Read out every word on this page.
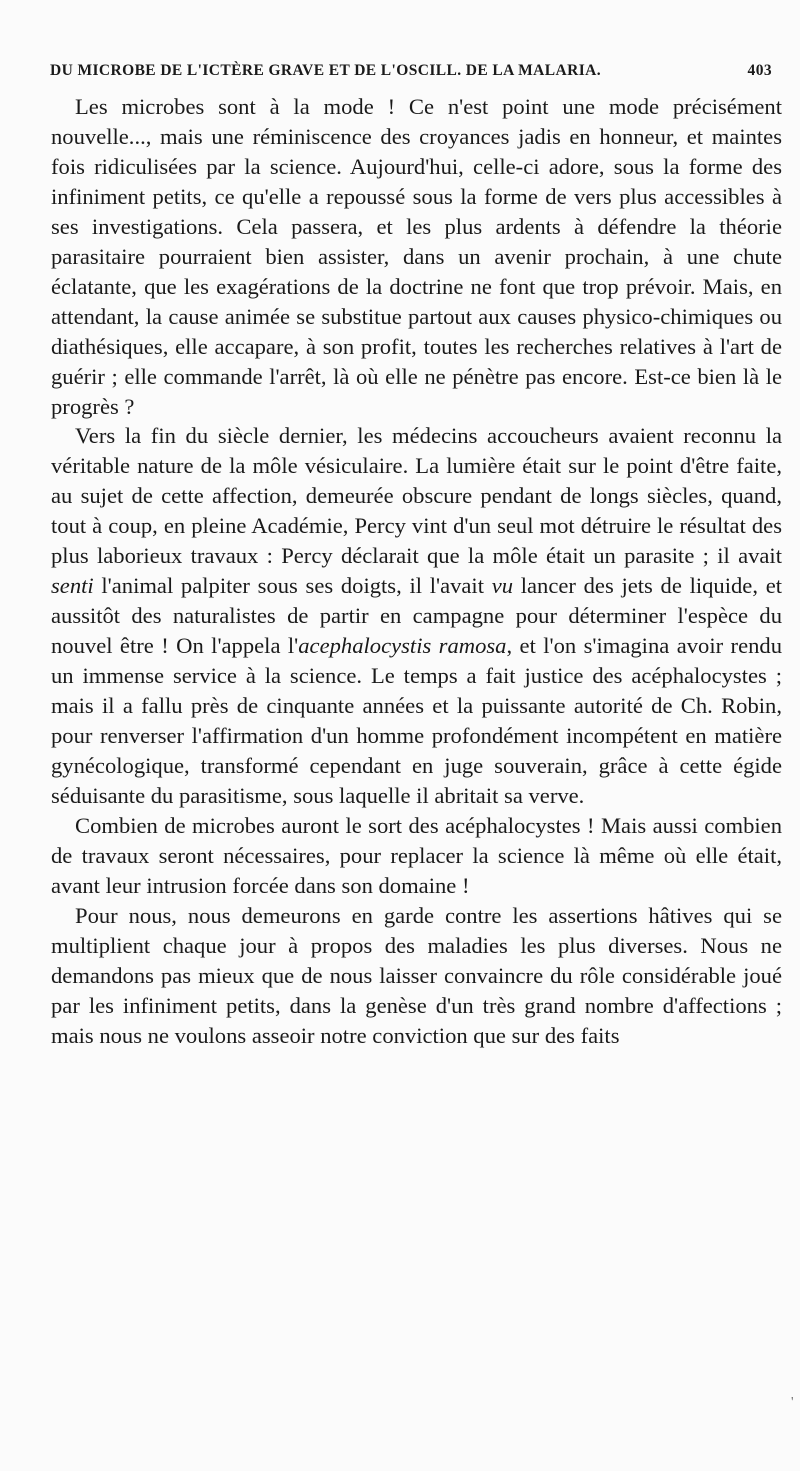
DU MICROBE DE L'ICTÈRE GRAVE ET DE L'OSCILL. DE LA MALARIA.	403

Les microbes sont à la mode ! Ce n'est point une mode précisément nouvelle..., mais une réminiscence des croyances jadis en honneur, et maintes fois ridiculisées par la science. Aujourd'hui, celle-ci adore, sous la forme des infiniment petits, ce qu'elle a repoussé sous la forme de vers plus accessibles à ses investigations. Cela passera, et les plus ardents à défendre la théorie parasitaire pourraient bien assister, dans un avenir prochain, à une chute éclatante, que les exagérations de la doctrine ne font que trop prévoir. Mais, en attendant, la cause animée se substitue partout aux causes physico-chimiques ou diathésiques, elle accapare, à son profit, toutes les recherches relatives à l'art de guérir ; elle commande l'arrêt, là où elle ne pénètre pas encore. Est-ce bien là le progrès ?

Vers la fin du siècle dernier, les médecins accoucheurs avaient reconnu la véritable nature de la môle vésiculaire. La lumière était sur le point d'être faite, au sujet de cette affection, demeurée obscure pendant de longs siècles, quand, tout à coup, en pleine Académie, Percy vint d'un seul mot détruire le résultat des plus laborieux travaux : Percy déclarait que la môle était un parasite ; il avait senti l'animal palpiter sous ses doigts, il l'avait vu lancer des jets de liquide, et aussitôt des naturalistes de partir en campagne pour déterminer l'espèce du nouvel être ! On l'appela l'acephalocystis ramosa, et l'on s'imagina avoir rendu un immense service à la science. Le temps a fait justice des acéphalocystes ; mais il a fallu près de cinquante années et la puissante autorité de Ch. Robin, pour renverser l'affirmation d'un homme profondément incompétent en matière gynécologique, transformé cependant en juge souverain, grâce à cette égide séduisante du parasitisme, sous laquelle il abritait sa verve.

Combien de microbes auront le sort des acéphalocystes ! Mais aussi combien de travaux seront nécessaires, pour replacer la science là même où elle était, avant leur intrusion forcée dans son domaine !

Pour nous, nous demeurons en garde contre les assertions hâtives qui se multiplient chaque jour à propos des maladies les plus diverses. Nous ne demandons pas mieux que de nous laisser convaincre du rôle considérable joué par les infiniment petits, dans la genèse d'un très grand nombre d'affections ; mais nous ne voulons asseoir notre conviction que sur des faits

'
